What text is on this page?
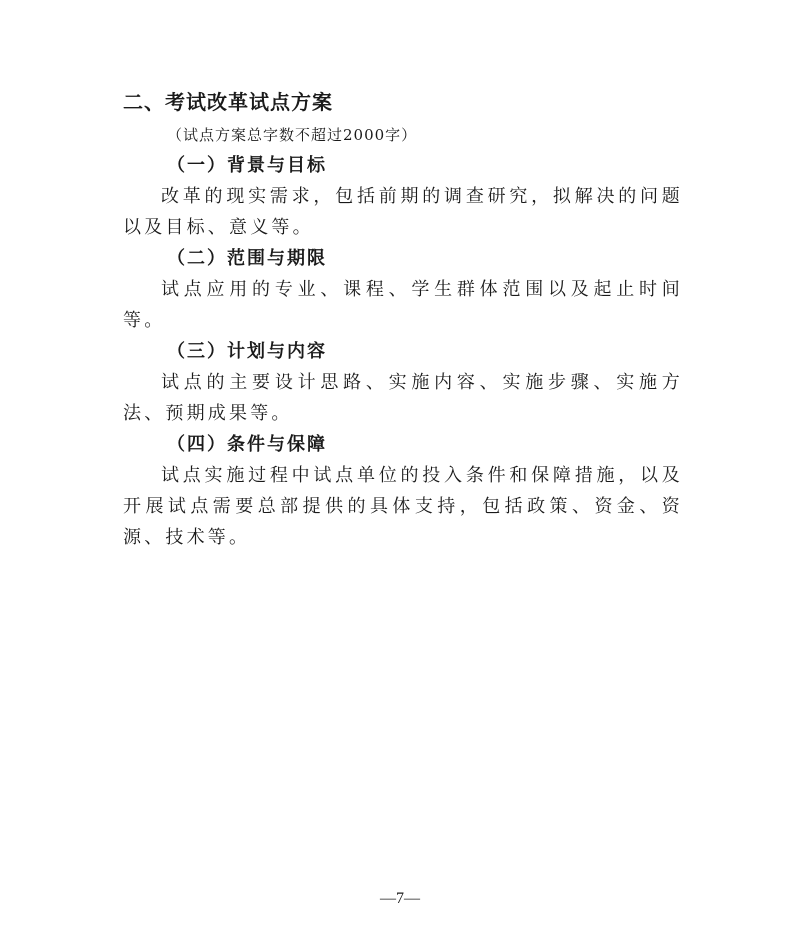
二、考试改革试点方案

（试点方案总字数不超过2000字）

（一）背景与目标

改革的现实需求，包括前期的调查研究，拟解决的问题以及目标、意义等。

（二）范围与期限

试点应用的专业、课程、学生群体范围以及起止时间等。

（三）计划与内容

试点的主要设计思路、实施内容、实施步骤、实施方法、预期成果等。

（四）条件与保障

试点实施过程中试点单位的投入条件和保障措施，以及开展试点需要总部提供的具体支持，包括政策、资金、资源、技术等。

—7—
